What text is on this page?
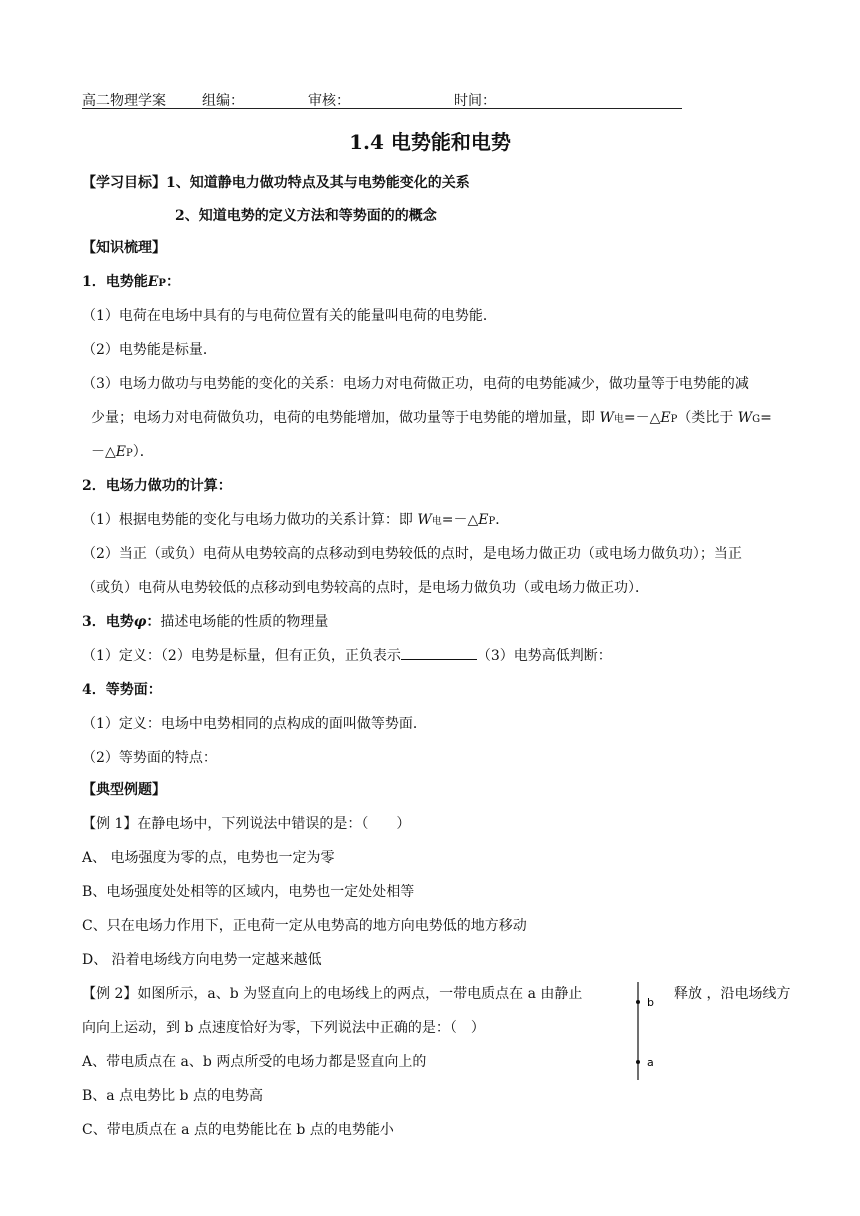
高二物理学案	组编：	审核：	时间：
1.4 电势能和电势
【学习目标】1、知道静电力做功特点及其与电势能变化的关系
2、知道电势的定义方法和等势面的的概念
【知识梳理】
1．电势能EP：
（1）电荷在电场中具有的与电荷位置有关的能量叫电荷的电势能．
（2）电势能是标量．
（3）电场力做功与电势能的变化的关系：电场力对电荷做正功，电荷的电势能减少，做功量等于电势能的减
少量；电场力对电荷做负功，电荷的电势能增加，做功量等于电势能的增加量，即 W电=－△EP（类比于 WG=
－△EP）．
2．电场力做功的计算：
（1）根据电势能的变化与电场力做功的关系计算：即 W电=－△EP．
（2）当正（或负）电荷从电势较高的点移动到电势较低的点时，是电场力做正功（或电场力做负功）；当正
（或负）电荷从电势较低的点移动到电势较高的点时，是电场力做负功（或电场力做正功）．
3．电势φ：描述电场能的性质的物理量
（1）定义：（2）电势是标量，但有正负，正负表示	（3）电势高低判断：
4．等势面：
（1）定义：电场中电势相同的点构成的面叫做等势面．
（2）等势面的特点：
【典型例题】
【例 1】在静电场中，下列说法中错误的是：（　　）
A、 电场强度为零的点，电势也一定为零
B、电场强度处处相等的区域内，电势也一定处处相等
C、只在电场力作用下，正电荷一定从电势高的地方向电势低的地方移动
D、 沿着电场线方向电势一定越来越低
【例 2】如图所示，a、b 为竖直向上的电场线上的两点，一带电质点在 a 由静止	释放 ，沿电场线方
向向上运动，到 b 点速度恰好为零，下列说法中正确的是：（　）
A、带电质点在 a、b 两点所受的电场力都是竖直向上的
B、a 点电势比 b 点的电势高
C、带电质点在 a 点的电势能比在 b 点的电势能小
b
a
